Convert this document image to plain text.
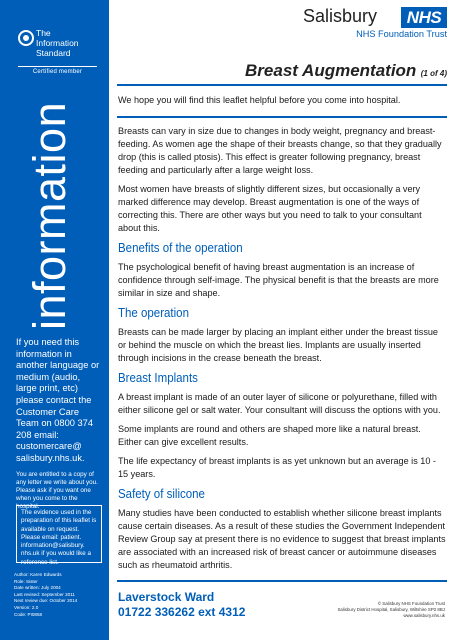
The
Information
Standard
Certified member
information
If you need this information in another language or medium (audio, large print, etc) please contact the Customer Care Team on 0800 374 208 email: customercare@ salisbury.nhs.uk.
You are entitled to a copy of any letter we write about you. Please ask if you want one when you come to the hospital.
The evidence used in the preparation of this leaflet is available on request. Please email: patient. information@salisbury. nhs.uk if you would like a reference list.
Author: Karen Edwards
Role: Sister
Date written: July 2004
Last revised: September 2011
Next review due: October 2014
Version: 2.0
Code: PI0858
Salisbury	NHS
NHS Foundation Trust
Breast Augmentation (1 of 4)
We hope you will find this leaflet helpful before you come into hospital.

Breasts can vary in size due to changes in body weight, pregnancy and breast-feeding. As women age the shape of their breasts change, so that they gradually drop (this is called ptosis). This effect is greater following pregnancy, breast feeding and particularly after a large weight loss.

Most women have breasts of slightly different sizes, but occasionally a very marked difference may develop. Breast augmentation is one of the ways of correcting this. There are other ways but you need to talk to your consultant about this.

Benefits of the operation

The psychological benefit of having breast augmentation is an increase of confidence through self-image. The physical benefit is that the breasts are more similar in size and shape.

The operation

Breasts can be made larger by placing an implant either under the breast tissue or behind the muscle on which the breast lies. Implants are usually inserted through incisions in the crease beneath the breast.

Breast Implants

A breast implant is made of an outer layer of silicone or polyurethane, filled with either silicone gel or salt water. Your consultant will discuss the options with you.

Some implants are round and others are shaped more like a natural breast. Either can give excellent results.

The life expectancy of breast implants is as yet unknown but an average is 10 - 15 years.

Safety of silicone

Many studies have been conducted to establish whether silicone breast implants cause certain diseases. As a result of these studies the Government Independent Review Group say at present there is no evidence to suggest that breast implants are associated with an increased risk of breast cancer or autoimmune diseases such as rheumatoid arthritis.

Laverstock Ward
01722 336262 ext 4312
© Salisbury NHS Foundation Trust
Salisbury District Hospital, Salisbury, Wiltshire SP2 8BJ
www.salisbury.nhs.uk
